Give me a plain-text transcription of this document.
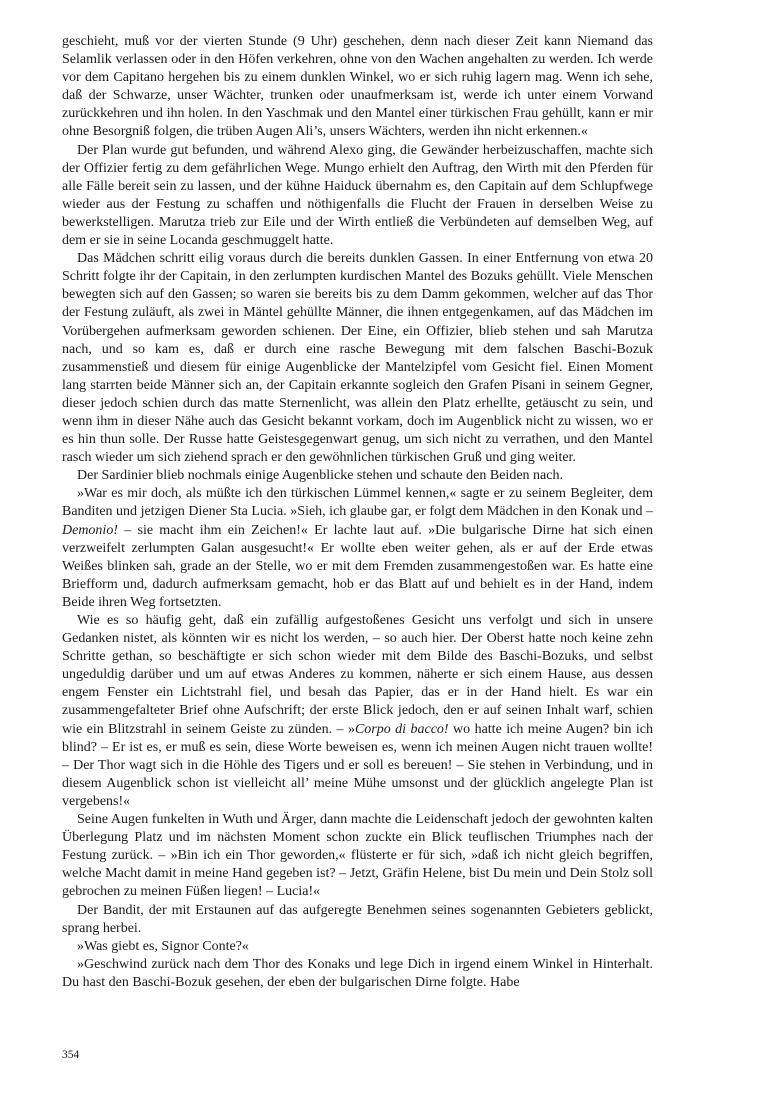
geschieht, muß vor der vierten Stunde (9 Uhr) geschehen, denn nach dieser Zeit kann Niemand das Selamlik verlassen oder in den Höfen verkehren, ohne von den Wachen angehalten zu werden. Ich werde vor dem Capitano hergehen bis zu einem dunklen Winkel, wo er sich ruhig lagern mag. Wenn ich sehe, daß der Schwarze, unser Wächter, trunken oder unaufmerksam ist, werde ich unter einem Vorwand zurückkehren und ihn holen. In den Yaschmak und den Mantel einer türkischen Frau gehüllt, kann er mir ohne Besorgniß folgen, die trüben Augen Ali’s, unsers Wächters, werden ihn nicht erkennen.«

Der Plan wurde gut befunden, und während Alexo ging, die Gewänder herbeizuschaffen, machte sich der Offizier fertig zu dem gefährlichen Wege. Mungo erhielt den Auftrag, den Wirth mit den Pferden für alle Fälle bereit sein zu lassen, und der kühne Haiduck übernahm es, den Capitain auf dem Schlupfwege wieder aus der Festung zu schaffen und nöthigenfalls die Flucht der Frauen in derselben Weise zu bewerkstelligen. Marutza trieb zur Eile und der Wirth entließ die Verbündeten auf demselben Weg, auf dem er sie in seine Locanda geschmuggelt hatte.

Das Mädchen schritt eilig voraus durch die bereits dunklen Gassen. In einer Entfernung von etwa 20 Schritt folgte ihr der Capitain, in den zerlumpten kurdischen Mantel des Bozuks gehüllt. Viele Menschen bewegten sich auf den Gassen; so waren sie bereits bis zu dem Damm gekommen, welcher auf das Thor der Festung zuläuft, als zwei in Mäntel gehüllte Männer, die ihnen entgegenkamen, auf das Mädchen im Vorübergehen aufmerksam geworden schienen. Der Eine, ein Offizier, blieb stehen und sah Marutza nach, und so kam es, daß er durch eine rasche Bewegung mit dem falschen Baschi-Bozuk zusammenstieß und diesem für einige Augenblicke der Mantelzipfel vom Gesicht fiel. Einen Moment lang starrten beide Männer sich an, der Capitain erkannte sogleich den Grafen Pisani in seinem Gegner, dieser jedoch schien durch das matte Sternenlicht, was allein den Platz erhellte, getäuscht zu sein, und wenn ihm in dieser Nähe auch das Gesicht bekannt vorkam, doch im Augenblick nicht zu wissen, wo er es hin thun solle. Der Russe hatte Geistesgegenwart genug, um sich nicht zu verrathen, und den Mantel rasch wieder um sich ziehend sprach er den gewöhnlichen türkischen Gruß und ging weiter.

Der Sardinier blieb nochmals einige Augenblicke stehen und schaute den Beiden nach.

»War es mir doch, als müßte ich den türkischen Lümmel kennen,« sagte er zu seinem Begleiter, dem Banditen und jetzigen Diener Sta Lucia. »Sieh, ich glaube gar, er folgt dem Mädchen in den Konak und – Demonio! – sie macht ihm ein Zeichen!« Er lachte laut auf. »Die bulgarische Dirne hat sich einen verzweifelt zerlumpten Galan ausgesucht!« Er wollte eben weiter gehen, als er auf der Erde etwas Weißes blinken sah, grade an der Stelle, wo er mit dem Fremden zusammengestoßen war. Es hatte eine Briefform und, dadurch aufmerksam gemacht, hob er das Blatt auf und behielt es in der Hand, indem Beide ihren Weg fortsetzten.

Wie es so häufig geht, daß ein zufällig aufgestoßenes Gesicht uns verfolgt und sich in unsere Gedanken nistet, als könnten wir es nicht los werden, – so auch hier. Der Oberst hatte noch keine zehn Schritte gethan, so beschäftigte er sich schon wieder mit dem Bilde des Baschi-Bozuks, und selbst ungeduldig darüber und um auf etwas Anderes zu kommen, näherte er sich einem Hause, aus dessen engem Fenster ein Lichtstrahl fiel, und besah das Papier, das er in der Hand hielt. Es war ein zusammengefalteter Brief ohne Aufschrift; der erste Blick jedoch, den er auf seinen Inhalt warf, schien wie ein Blitzstrahl in seinem Geiste zu zünden. – »Corpo di bacco! wo hatte ich meine Augen? bin ich blind? – Er ist es, er muß es sein, diese Worte beweisen es, wenn ich meinen Augen nicht trauen wollte! – Der Thor wagt sich in die Höhle des Tigers und er soll es bereuen! – Sie stehen in Verbindung, und in diesem Augenblick schon ist vielleicht all’ meine Mühe umsonst und der glücklich angelegte Plan ist vergebens!«

Seine Augen funkelten in Wuth und Ärger, dann machte die Leidenschaft jedoch der gewohnten kalten Überlegung Platz und im nächsten Moment schon zuckte ein Blick teuflischen Triumphes nach der Festung zurück. – »Bin ich ein Thor geworden,« flüsterte er für sich, »daß ich nicht gleich begriffen, welche Macht damit in meine Hand gegeben ist? – Jetzt, Gräfin Helene, bist Du mein und Dein Stolz soll gebrochen zu meinen Füßen liegen! – Lucia!«

Der Bandit, der mit Erstaunen auf das aufgeregte Benehmen seines sogenannten Gebieters geblickt, sprang herbei.

»Was giebt es, Signor Conte?«

»Geschwind zurück nach dem Thor des Konaks und lege Dich in irgend einem Winkel in Hinterhalt. Du hast den Baschi-Bozuk gesehen, der eben der bulgarischen Dirne folgte. Habe

354
